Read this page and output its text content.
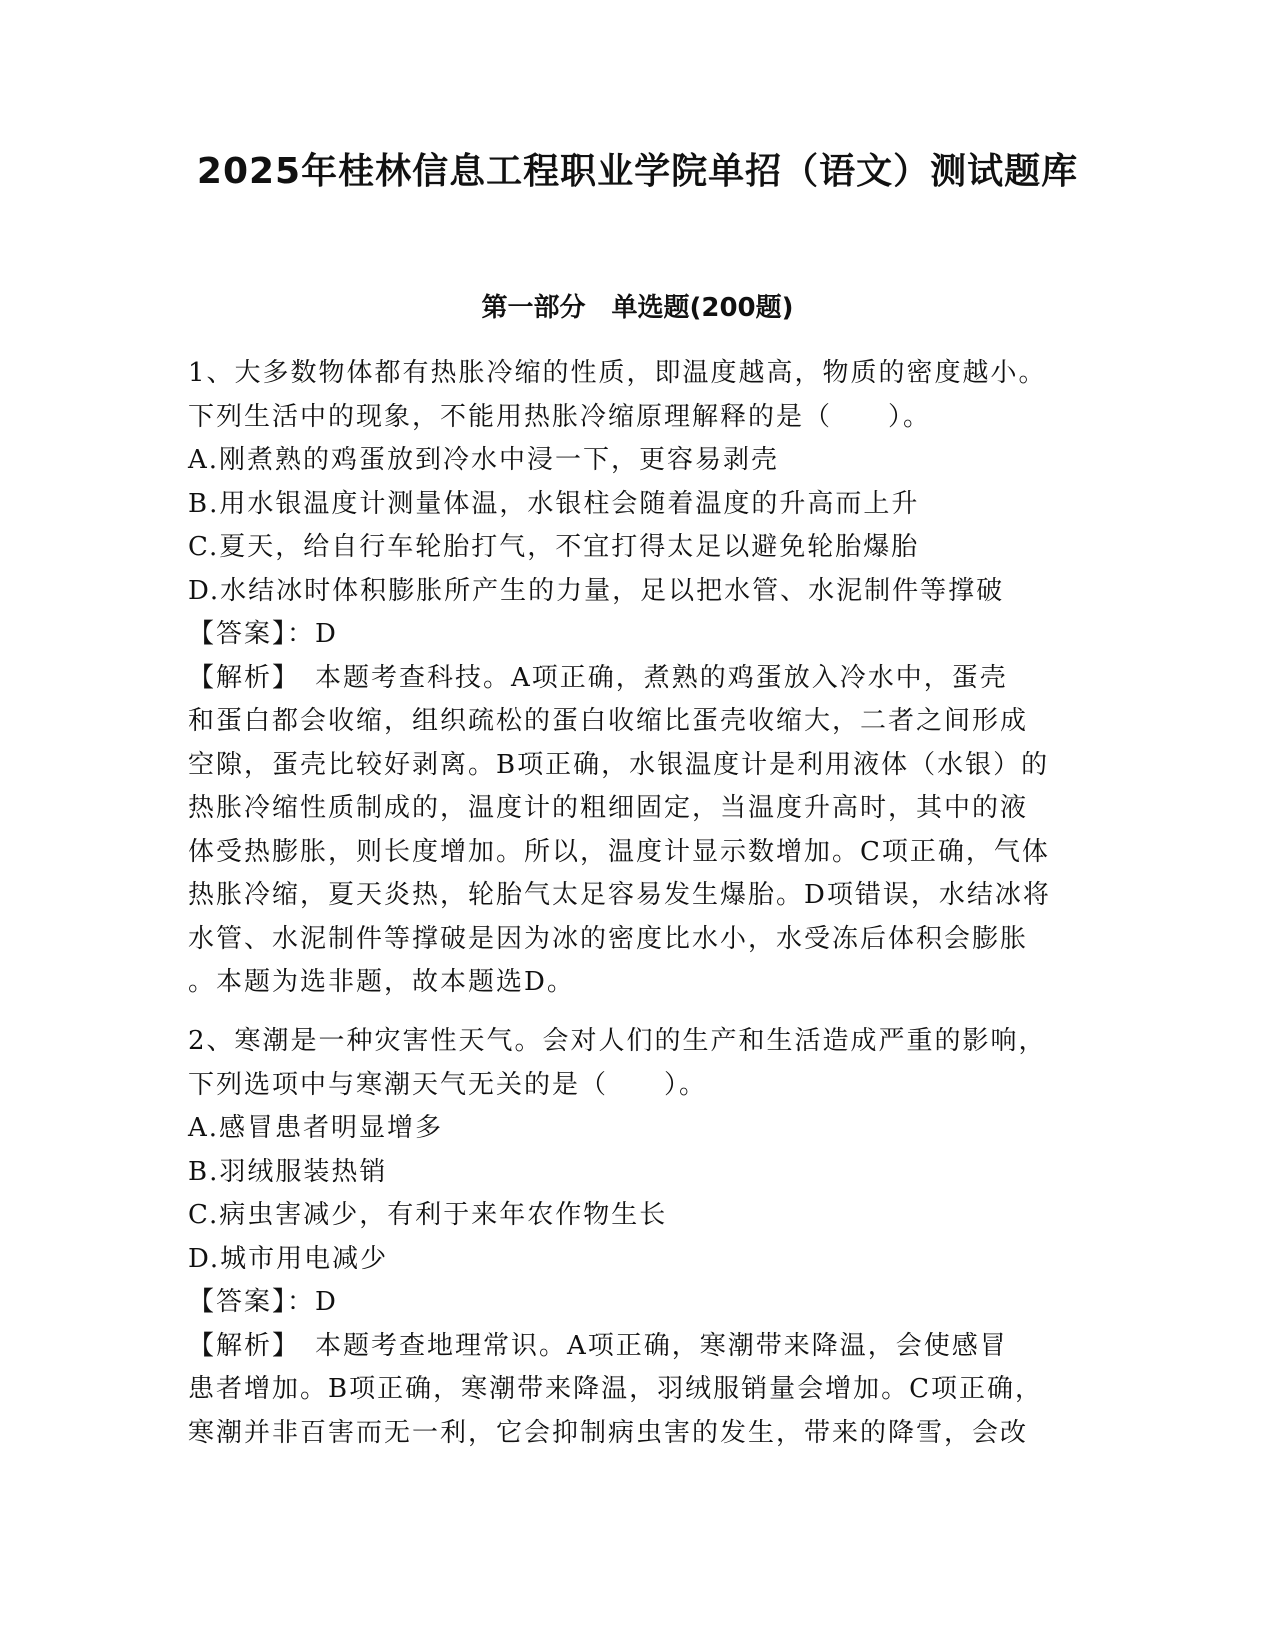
2025年桂林信息工程职业学院单招（语文）测试题库
第一部分　单选题(200题)
1、大多数物体都有热胀冷缩的性质，即温度越高，物质的密度越小。
下列生活中的现象，不能用热胀冷缩原理解释的是（　　）。
A.刚煮熟的鸡蛋放到冷水中浸一下，更容易剥壳
B.用水银温度计测量体温，水银柱会随着温度的升高而上升
C.夏天，给自行车轮胎打气，不宜打得太足以避免轮胎爆胎
D.水结冰时体积膨胀所产生的力量，足以把水管、水泥制件等撑破
【答案】：D
【解析】　本题考查科技。A项正确，煮熟的鸡蛋放入冷水中，蛋壳
和蛋白都会收缩，组织疏松的蛋白收缩比蛋壳收缩大，二者之间形成
空隙，蛋壳比较好剥离。B项正确，水银温度计是利用液体（水银）的
热胀冷缩性质制成的，温度计的粗细固定，当温度升高时，其中的液
体受热膨胀，则长度增加。所以，温度计显示数增加。C项正确，气体
热胀冷缩，夏天炎热，轮胎气太足容易发生爆胎。D项错误，水结冰将
水管、水泥制件等撑破是因为冰的密度比水小，水受冻后体积会膨胀
。本题为选非题，故本题选D。
2、寒潮是一种灾害性天气。会对人们的生产和生活造成严重的影响，
下列选项中与寒潮天气无关的是（　　）。
A.感冒患者明显增多
B.羽绒服装热销
C.病虫害减少，有利于来年农作物生长
D.城市用电减少
【答案】：D
【解析】　本题考查地理常识。A项正确，寒潮带来降温，会使感冒
患者增加。B项正确，寒潮带来降温，羽绒服销量会增加。C项正确，
寒潮并非百害而无一利，它会抑制病虫害的发生，带来的降雪，会改
